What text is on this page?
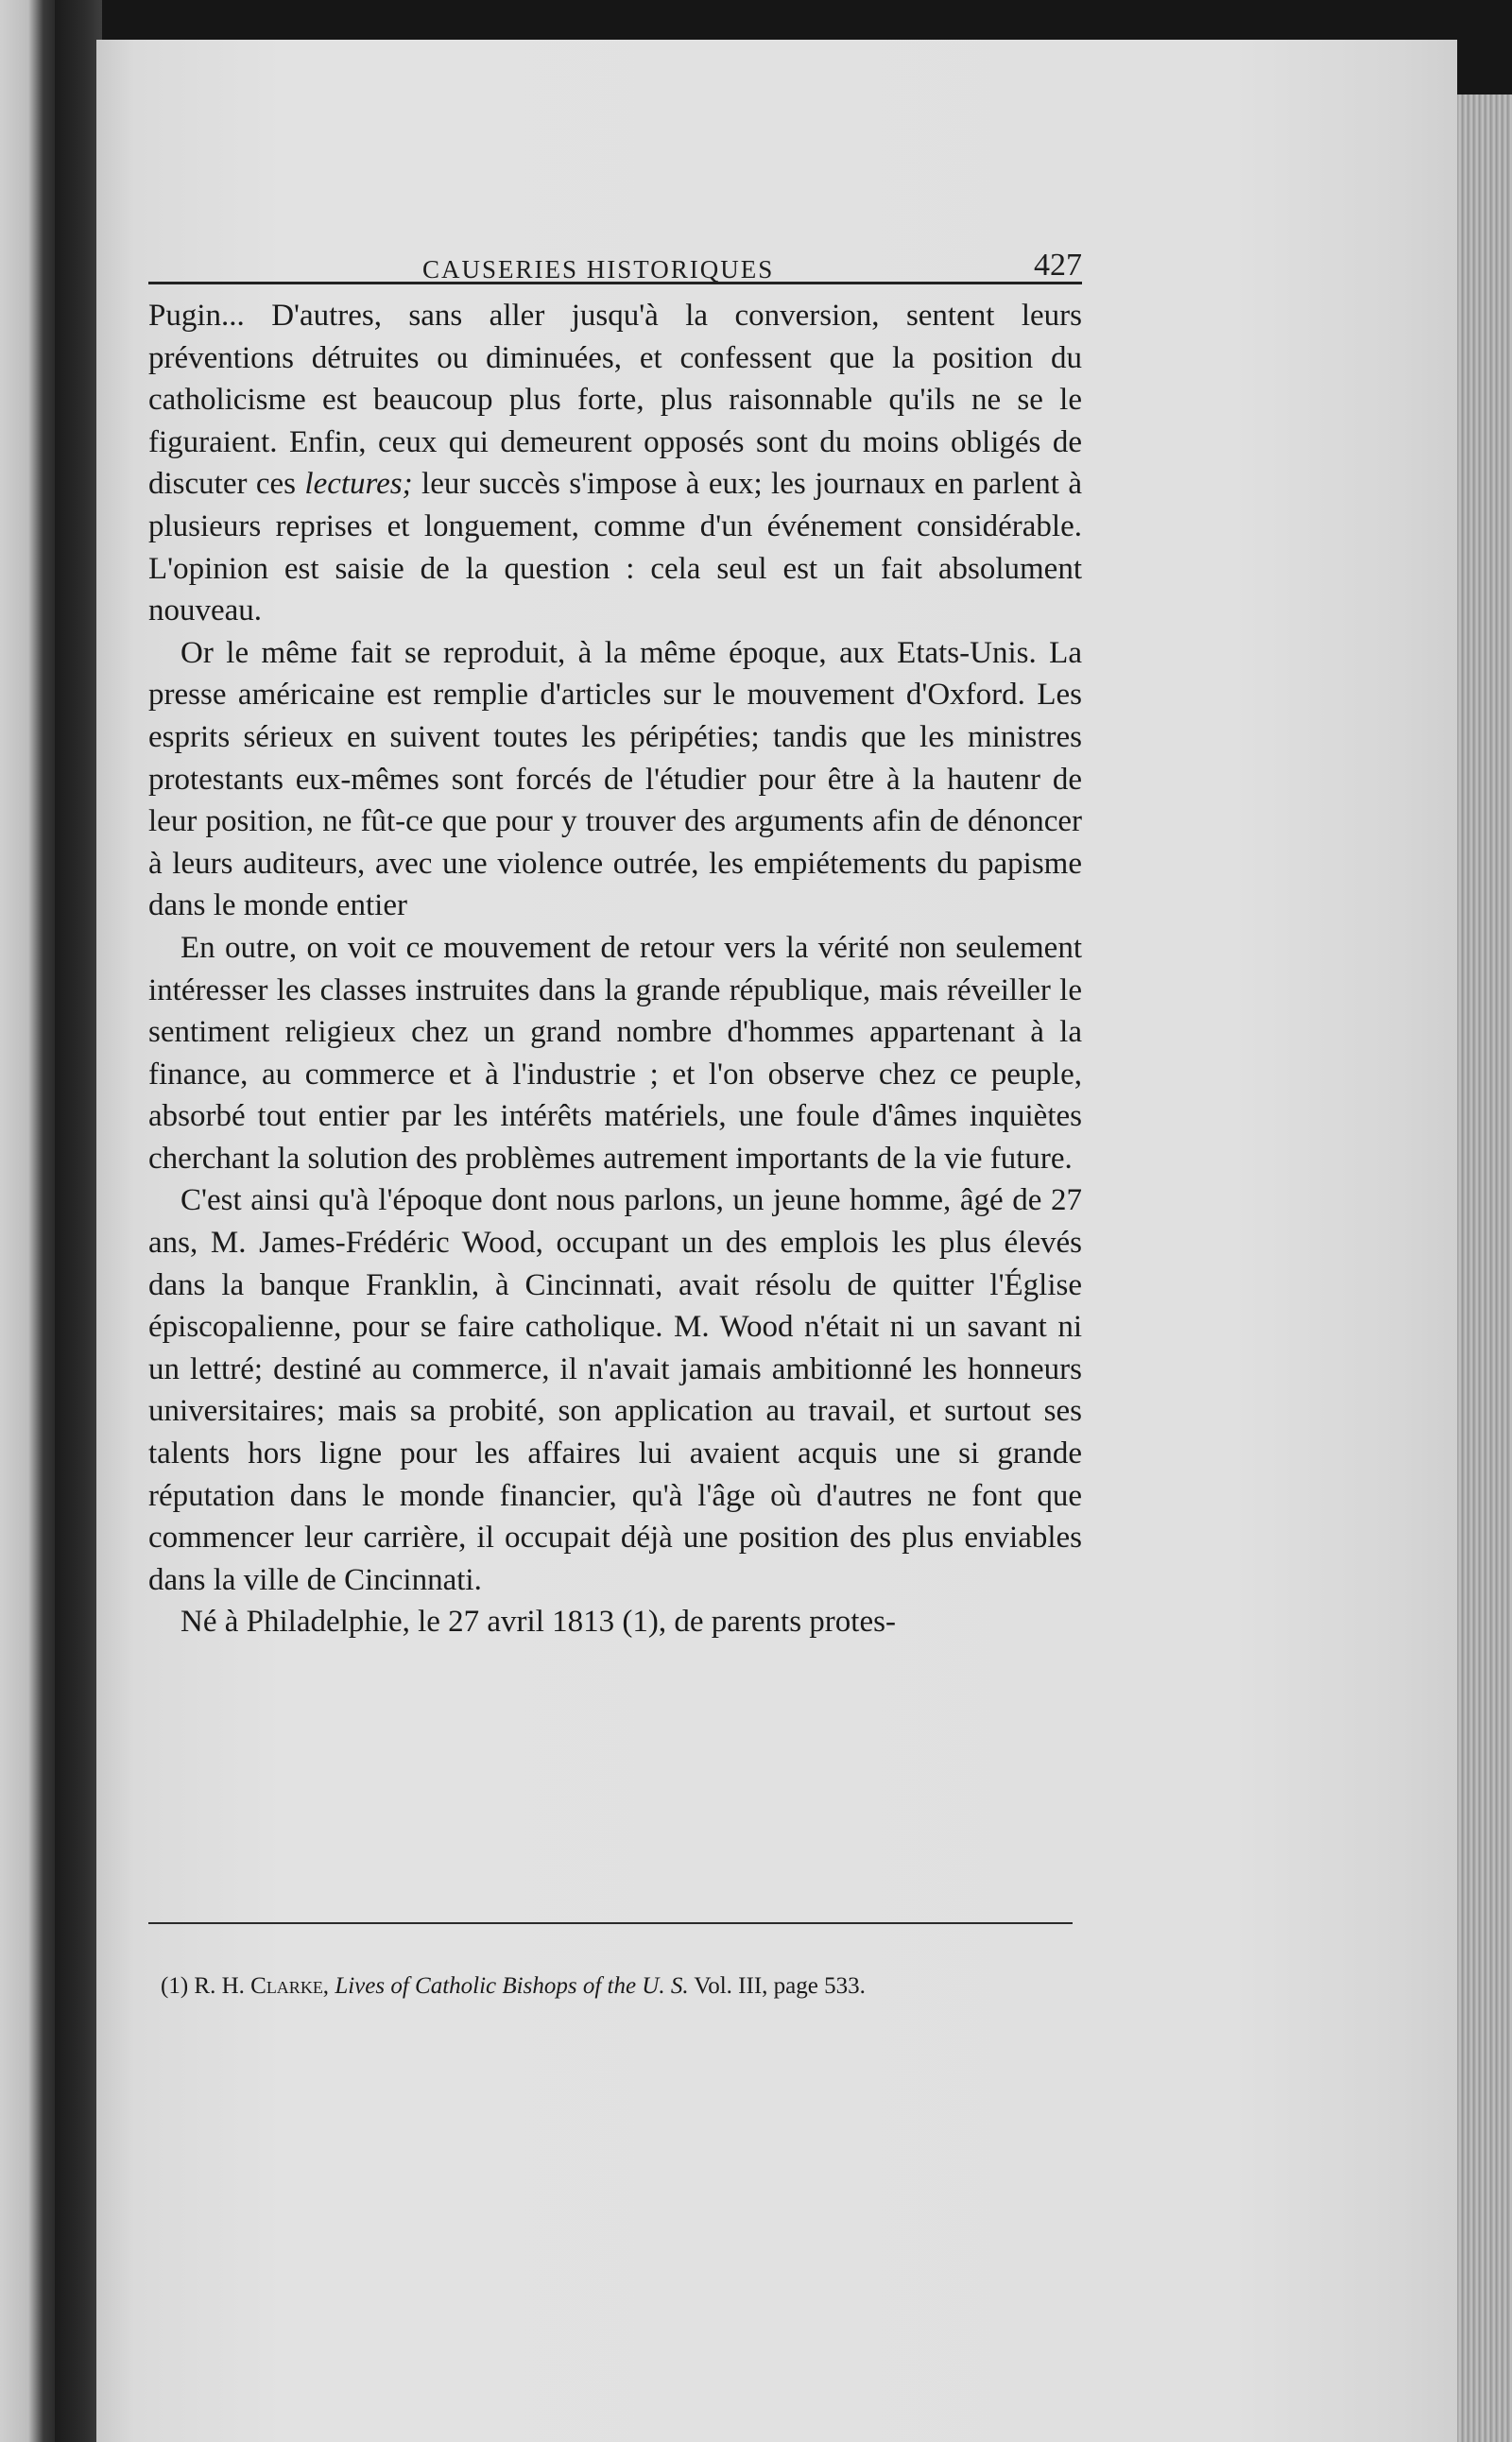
CAUSERIES HISTORIQUES	427

Pugin... D'autres, sans aller jusqu'à la conversion, sentent leurs préventions détruites ou diminuées, et confessent que la position du catholicisme est beaucoup plus forte, plus raisonnable qu'ils ne se le figuraient. Enfin, ceux qui demeurent opposés sont du moins obligés de discuter ces lectures; leur succès s'impose à eux; les journaux en parlent à plusieurs reprises et longuement, comme d'un événement considérable. L'opinion est saisie de la question : cela seul est un fait absolument nouveau.

Or le même fait se reproduit, à la même époque, aux Etats-Unis. La presse américaine est remplie d'articles sur le mouvement d'Oxford. Les esprits sérieux en suivent toutes les péripéties; tandis que les ministres protestants eux-mêmes sont forcés de l'étudier pour être à la hautenr de leur position, ne fût-ce que pour y trouver des arguments afin de dénoncer à leurs auditeurs, avec une violence outrée, les empiétements du papisme dans le monde entier

En outre, on voit ce mouvement de retour vers la vérité non seulement intéresser les classes instruites dans la grande république, mais réveiller le sentiment religieux chez un grand nombre d'hommes appartenant à la finance, au commerce et à l'industrie ; et l'on observe chez ce peuple, absorbé tout entier par les intérêts matériels, une foule d'âmes inquiètes cherchant la solution des problèmes autrement importants de la vie future.

C'est ainsi qu'à l'époque dont nous parlons, un jeune homme, âgé de 27 ans, M. James-Frédéric Wood, occupant un des emplois les plus élevés dans la banque Franklin, à Cincinnati, avait résolu de quitter l'Église épiscopalienne, pour se faire catholique. M. Wood n'était ni un savant ni un lettré; destiné au commerce, il n'avait jamais ambitionné les honneurs universitaires; mais sa probité, son application au travail, et surtout ses talents hors ligne pour les affaires lui avaient acquis une si grande réputation dans le monde financier, qu'à l'âge où d'autres ne font que commencer leur carrière, il occupait déjà une position des plus enviables dans la ville de Cincinnati.

Né à Philadelphie, le 27 avril 1813 (1), de parents protes-

(1) R. H. Clarke, Lives of Catholic Bishops of the U. S. Vol. III, page 533.
